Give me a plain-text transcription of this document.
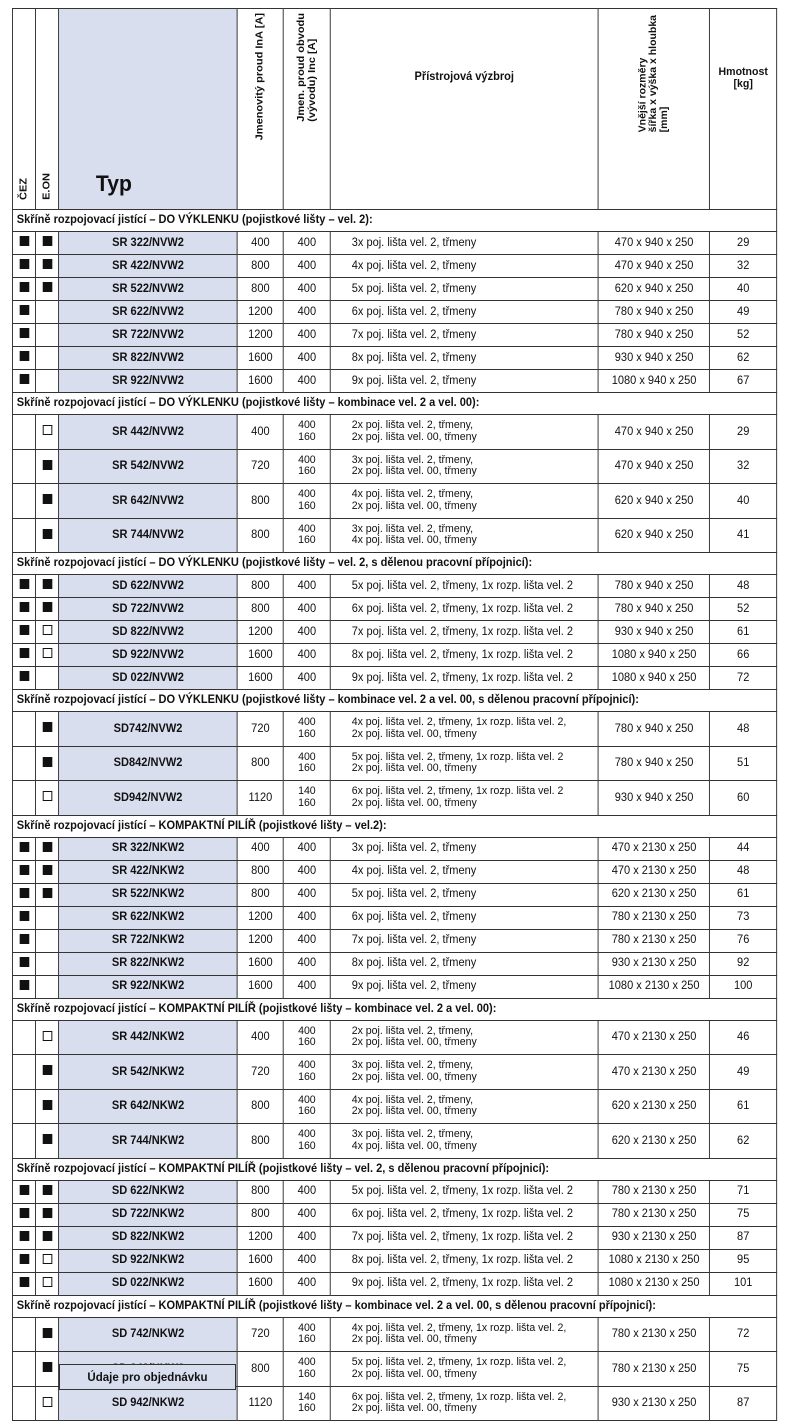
ČEZ	E.ON	Typ	Jmenovitý proud InA [A]	Jmen. proud obvodu
(vývodu) Inc [A]	Přístrojová výzbroj	Vnější rozměry
šířka x výška x hloubka
[mm]	Hmotnost
[kg]
Skříně rozpojovací jistící – DO VÝKLENKU (pojistkové lišty – vel. 2):							
		SR 322/NVW2	400	400	3x poj. lišta vel. 2, třmeny	470 x 940 x 250	29
		SR 422/NVW2	800	400	4x poj. lišta vel. 2, třmeny	470 x 940 x 250	32
		SR 522/NVW2	800	400	5x poj. lišta vel. 2, třmeny	620 x 940 x 250	40
		SR 622/NVW2	1200	400	6x poj. lišta vel. 2, třmeny	780 x 940 x 250	49
		SR 722/NVW2	1200	400	7x poj. lišta vel. 2, třmeny	780 x 940 x 250	52
		SR 822/NVW2	1600	400	8x poj. lišta vel. 2, třmeny	930 x 940 x 250	62
		SR 922/NVW2	1600	400	9x poj. lišta vel. 2, třmeny	1080 x 940 x 250	67
Skříně rozpojovací jistící – DO VÝKLENKU (pojistkové lišty – kombinace vel. 2 a vel. 00):							
		SR 442/NVW2	400	400
160	2x poj. lišta vel. 2, třmeny,
2x poj. lišta vel. 00, třmeny	470 x 940 x 250	29
		SR 542/NVW2	720	400
160	3x poj. lišta vel. 2, třmeny,
2x poj. lišta vel. 00, třmeny	470 x 940 x 250	32
		SR 642/NVW2	800	400
160	4x poj. lišta vel. 2, třmeny,
2x poj. lišta vel. 00, třmeny	620 x 940 x 250	40
		SR 744/NVW2	800	400
160	3x poj. lišta vel. 2, třmeny,
4x poj. lišta vel. 00, třmeny	620 x 940 x 250	41
Skříně rozpojovací jistící – DO VÝKLENKU (pojistkové lišty – vel. 2, s dělenou pracovní přípojnicí):							
		SD 622/NVW2	800	400	5x poj. lišta vel. 2, třmeny, 1x rozp. lišta vel. 2	780 x 940 x 250	48
		SD 722/NVW2	800	400	6x poj. lišta vel. 2, třmeny, 1x rozp. lišta vel. 2	780 x 940 x 250	52
		SD 822/NVW2	1200	400	7x poj. lišta vel. 2, třmeny, 1x rozp. lišta vel. 2	930 x 940 x 250	61
		SD 922/NVW2	1600	400	8x poj. lišta vel. 2, třmeny, 1x rozp. lišta vel. 2	1080 x 940 x 250	66
		SD 022/NVW2	1600	400	9x poj. lišta vel. 2, třmeny, 1x rozp. lišta vel. 2	1080 x 940 x 250	72
Skříně rozpojovací jistící – DO VÝKLENKU (pojistkové lišty – kombinace vel. 2 a vel. 00, s dělenou pracovní přípojnicí):							
		SD742/NVW2	720	400
160	4x poj. lišta vel. 2, třmeny, 1x rozp. lišta vel. 2,
2x poj. lišta vel. 00, třmeny	780 x 940 x 250	48
		SD842/NVW2	800	400
160	5x poj. lišta vel. 2, třmeny, 1x rozp. lišta vel. 2
2x poj. lišta vel. 00, třmeny	780 x 940 x 250	51
		SD942/NVW2	1120	140
160	6x poj. lišta vel. 2, třmeny, 1x rozp. lišta vel. 2
2x poj. lišta vel. 00, třmeny	930 x 940 x 250	60
Skříně rozpojovací jistící – KOMPAKTNÍ PILÍŘ (pojistkové lišty – vel.2):							
		SR 322/NKW2	400	400	3x poj. lišta vel. 2, třmeny	470 x 2130 x 250	44
		SR 422/NKW2	800	400	4x poj. lišta vel. 2, třmeny	470 x 2130 x 250	48
		SR 522/NKW2	800	400	5x poj. lišta vel. 2, třmeny	620 x 2130 x 250	61
		SR 622/NKW2	1200	400	6x poj. lišta vel. 2, třmeny	780 x 2130 x 250	73
		SR 722/NKW2	1200	400	7x poj. lišta vel. 2, třmeny	780 x 2130 x 250	76
		SR 822/NKW2	1600	400	8x poj. lišta vel. 2, třmeny	930 x 2130 x 250	92
		SR 922/NKW2	1600	400	9x poj. lišta vel. 2, třmeny	1080 x 2130 x 250	100
Skříně rozpojovací jistící – KOMPAKTNÍ PILÍŘ (pojistkové lišty – kombinace vel. 2 a vel. 00):							
		SR 442/NKW2	400	400
160	2x poj. lišta vel. 2, třmeny,
2x poj. lišta vel. 00, třmeny	470 x 2130 x 250	46
		SR 542/NKW2	720	400
160	3x poj. lišta vel. 2, třmeny,
2x poj. lišta vel. 00, třmeny	470 x 2130 x 250	49
		SR 642/NKW2	800	400
160	4x poj. lišta vel. 2, třmeny,
2x poj. lišta vel. 00, třmeny	620 x 2130 x 250	61
		SR 744/NKW2	800	400
160	3x poj. lišta vel. 2, třmeny,
4x poj. lišta vel. 00, třmeny	620 x 2130 x 250	62
Skříně rozpojovací jistící – KOMPAKTNÍ PILÍŘ (pojistkové lišty – vel. 2, s dělenou pracovní přípojnicí):							
		SD 622/NKW2	800	400	5x poj. lišta vel. 2, třmeny, 1x rozp. lišta vel. 2	780 x 2130 x 250	71
		SD 722/NKW2	800	400	6x poj. lišta vel. 2, třmeny, 1x rozp. lišta vel. 2	780 x 2130 x 250	75
		SD 822/NKW2	1200	400	7x poj. lišta vel. 2, třmeny, 1x rozp. lišta vel. 2	930 x 2130 x 250	87
		SD 922/NKW2	1600	400	8x poj. lišta vel. 2, třmeny, 1x rozp. lišta vel. 2	1080 x 2130 x 250	95
		SD 022/NKW2	1600	400	9x poj. lišta vel. 2, třmeny, 1x rozp. lišta vel. 2	1080 x 2130 x 250	101
Skříně rozpojovací jistící – KOMPAKTNÍ PILÍŘ (pojistkové lišty – kombinace vel. 2 a vel. 00, s dělenou pracovní přípojnicí):							
		SD 742/NKW2	720	400
160	4x poj. lišta vel. 2, třmeny, 1x rozp. lišta vel. 2,
2x poj. lišta vel. 00, třmeny	780 x 2130 x 250	72
			800	400
160	5x poj. lišta vel. 2, třmeny, 1x rozp. lišta vel. 2,
2x poj. lišta vel. 00, třmeny	780 x 2130 x 250	75
		SD 942/NKW2	1120	140
160	6x poj. lišta vel. 2, třmeny, 1x rozp. lišta vel. 2,
2x poj. lišta vel. 00, třmeny	930 x 2130 x 250	87
Údaje pro objednávku
